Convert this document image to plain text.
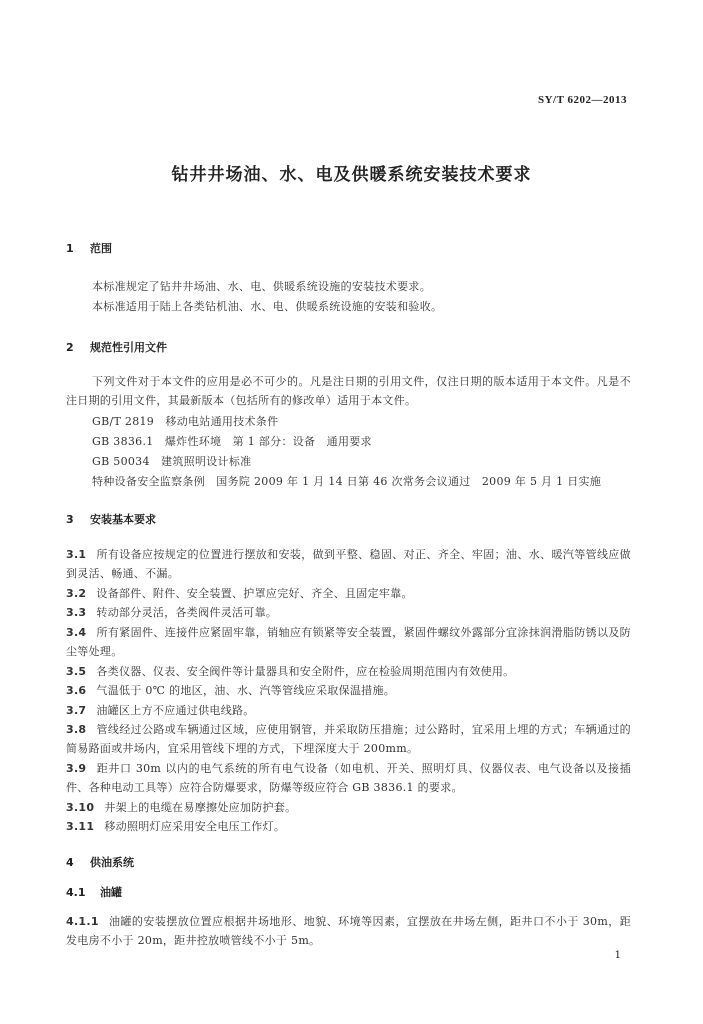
SY/T 6202—2013
钻井井场油、水、电及供暖系统安装技术要求
1 范围
本标准规定了钻井井场油、水、电、供暖系统设施的安装技术要求。
本标准适用于陆上各类钻机油、水、电、供暖系统设施的安装和验收。
2 规范性引用文件
下列文件对于本文件的应用是必不可少的。凡是注日期的引用文件，仅注日期的版本适用于本文件。凡是不注日期的引用文件，其最新版本（包括所有的修改单）适用于本文件。
GB/T 2819　移动电站通用技术条件
GB 3836.1　爆炸性环境　第 1 部分：设备　通用要求
GB 50034　建筑照明设计标准
特种设备安全监察条例　国务院 2009 年 1 月 14 日第 46 次常务会议通过　2009 年 5 月 1 日实施
3 安装基本要求
3.1 所有设备应按规定的位置进行摆放和安装，做到平整、稳固、对正、齐全、牢固；油、水、暖汽等管线应做到灵活、畅通、不漏。
3.2 设备部件、附件、安全装置、护罩应完好、齐全、且固定牢靠。
3.3 转动部分灵活，各类阀件灵活可靠。
3.4 所有紧固件、连接件应紧固牢靠，销轴应有锁紧等安全装置，紧固件螺纹外露部分宜涂抹润滑脂防锈以及防尘等处理。
3.5 各类仪器、仪表、安全阀件等计量器具和安全附件，应在检验周期范围内有效使用。
3.6 气温低于 0℃ 的地区，油、水、汽等管线应采取保温措施。
3.7 油罐区上方不应通过供电线路。
3.8 管线经过公路或车辆通过区域，应使用钢管，并采取防压措施；过公路时，宜采用上埋的方式；车辆通过的简易路面或井场内，宜采用管线下埋的方式，下埋深度大于 200mm。
3.9 距井口 30m 以内的电气系统的所有电气设备（如电机、开关、照明灯具、仪器仪表、电气设备以及接插件、各种电动工具等）应符合防爆要求，防爆等级应符合 GB 3836.1 的要求。
3.10 井架上的电缆在易摩擦处应加防护套。
3.11 移动照明灯应采用安全电压工作灯。
4 供油系统
4.1 油罐
4.1.1 油罐的安装摆放位置应根据井场地形、地貌、环境等因素，宜摆放在井场左侧，距井口不小于 30m，距发电房不小于 20m，距井控放喷管线不小于 5m。
1
